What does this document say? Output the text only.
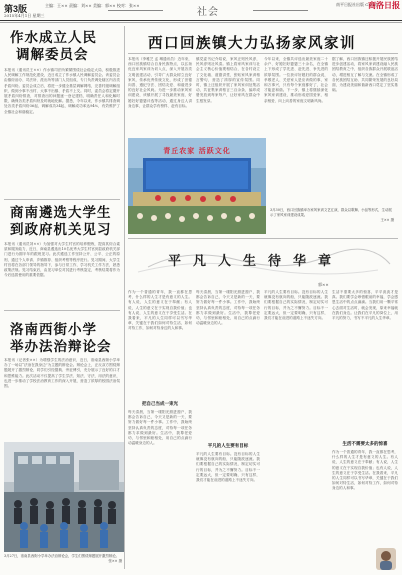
第3版
2015年4月1日 星期三
主编：王×× 责编：刘×× 美编：郭×× 校对：张××
社会
南平日报社出版 CN35
商洛日报
作水成立人民
调解委员会
本报讯（通讯员王××）作水镇司法所紧紧围绕社会稳定大局，积极推进人民调解工作规范化建设，近日成立了作水镇人民调解委员会。该委员会由镇综治办、司法所、派出所等部门人员组成，专门负责调处辖区内各类矛盾纠纷。委员会成立后，将进一步健全基层调解网络，完善村级调解组织，做到小事不出村、大事不出镇、矛盾不上交。同时，委员会将定期开展矛盾纠纷排查，对排查出的问题逐一登记建档，明确责任人和化解时限，确保各类矛盾纠纷及时就地化解。据悉，今年以来，作水镇共排查调处各类矛盾纠纷36起，调解成功34起，调解成功率达94%，有效维护了全镇社会和谐稳定。
商南遴选大学生
到政府机关见习
本报讯（通讯员刘××）为加强对大学生村官的培养锻炼，提高其综合素质和服务能力，近日，商南县遴选出10名优秀大学生村官到县政府机关部门进行为期半年的跟班见习。此次遴选工作坚持公开、公平、公正的原则，通过个人申请、乡镇推荐、组织考察等程序进行。见习期间，大学生村官将在各部门领导的指导下，参与日常工作，学习机关工作方法，熟悉政策法规。见习结束后，由见习单位对其进行考核鉴定，考核结果将作为今后选拔使用的重要依据。
洛南西街小学
举办法治辩论会
本报讯（记者张××）为增强学生的法治意识，近日，洛南县西街小学举办了一场以“法治在我身边”为主题的辩论会。辩论会上，正反双方围绕辩题展开了激烈辩论，同学们引经据典、旁征博引，充分展示了良好的口才和思维能力。此次活动不仅提高了学生学法、知法、守法、用法的意识，也进一步推动了学校法治教育工作的深入开展，营造了浓厚的校园法治氛围。
3月27日，洛南县西街小学举办法治辩论会，学生们围绕辩题展开激烈辩论。
张×× 摄
西口回族镇大力弘扬家风家训
本报讯（李雅芝 孟 琳通讯员）近年来，西口回族镇结合自身民族特点，以弘扬优良家风家训为切入点，深入开展各类文明创建活动，引导广大群众树立良好家风，传承优秀传统文化，形成了崇德向善、遵纪守法、团结友爱、和谐进步的良好社会风尚。为进一步推动家风家训建设，该镇开展了寻找最美家庭、好媳妇好婆婆评选等活动，通过身边人讲身边事，让群众学有榜样、赶有目标。
镇党委书记介绍说，家风正则民风淳，民风淳则社风清。镇上将家风家训与社会主义核心价值观相结合，在各村设立了文化墙、道德讲堂，张贴家风家训格言警句，营造了浓厚的宣传氛围。同时，镇上还组织开展了家风家训征集活动，共征集家训格言三百余条，编印成册发放到每家每户，让好家风在群众中生根发芽。
今年以来，全镇共评选出最美家庭二十余户、好媳妇好婆婆三十余名，在全镇上下形成了学先进、赶先进、争先进的浓厚氛围。一位获评好媳妇的群众说，孝敬老人、关爱家人是应该做的事，家和万事兴，只有每个家庭都好了，社会才能更和谐。下一步，镇上将继续深化家风家训建设，推动形成爱国爱家、相亲相爱、向上向善的家庭文明新风尚。
据了解，西口回族镇还积极开展民族团结进步创建活动，将家风家训建设融入民族团结教育之中，组织各族群众开展联谊活动，增进相互了解与交流。在全镇形成了各民族团结互助、共同繁荣发展的良好局面，为建设美丽和谐新西口奠定了坚实基础。
青丘农家 活跃文化
3月30日，西口回族镇举办家风家训文艺汇演，群众以歌舞、小品等形式，生动展示了家风家训建设成果。
王×× 摄
平凡人生待华章
郭××
作为一个普通的青年，我一直都在思考，什么样的人生才是有意义的人生。有人说，人生的意义在于奉献；有人说，人生的意义在于实现自我价值；也有人说，人生的意义在于享受生活。在我看来，平凡的人生同样可以书写华章，关键在于我们如何对待生活，如何对待工作，如何对待身边的人和事。
把自己当成一束光
每天清晨，当第一缕阳光照进窗户，我都会告诉自己，今天又是新的一天，要努力做好每一件小事。工作中，我始终坚持认真负责的态度，对待每一项任务都力求做到最好。生活中，我尊老爱幼，与邻里和睦相处，用自己的点滴行动温暖身边的人。
每天清晨，当第一缕阳光照进窗户，我都会告诉自己，今天又是新的一天，要努力做好每一件小事。工作中，我始终坚持认真负责的态度，对待每一项任务都力求做到最好。生活中，我尊老爱幼，与邻里和睦相处，用自己的点滴行动温暖身边的人。
平凡的人生要有目标
平凡的人生要有目标。没有目标的人生就像没有航向的船，只能随波逐流。我们要根据自己的实际情况，制定切实可行的目标，并为之不懈努力。目标不一定要远大，但一定要明确，只有这样，我们才能在前进的道路上不迷失方向。
平凡的人生要有目标。没有目标的人生就像没有航向的船，只能随波逐流。我们要根据自己的实际情况，制定切实可行的目标，并为之不懈努力。目标不一定要远大，但一定要明确，只有这样，我们才能在前进的道路上不迷失方向。
生活不需要太多的惊喜，平平淡淡才是真。我们要学会珍惜眼前的幸福，学会感恩生活中的点点滴滴。当我们用一颗平常心去面对生活时，就会发现，原来幸福就在我们身边。让我们在平凡的岗位上，用平凡的努力，书写不平凡的人生华章。
生活不需要太多的惊喜
作为一个普通的青年，我一直都在思考，什么样的人生才是有意义的人生。有人说，人生的意义在于奉献；有人说，人生的意义在于实现自我价值；也有人说，人生的意义在于享受生活。在我看来，平凡的人生同样可以书写华章，关键在于我们如何对待生活，如何对待工作，如何对待身边的人和事。
